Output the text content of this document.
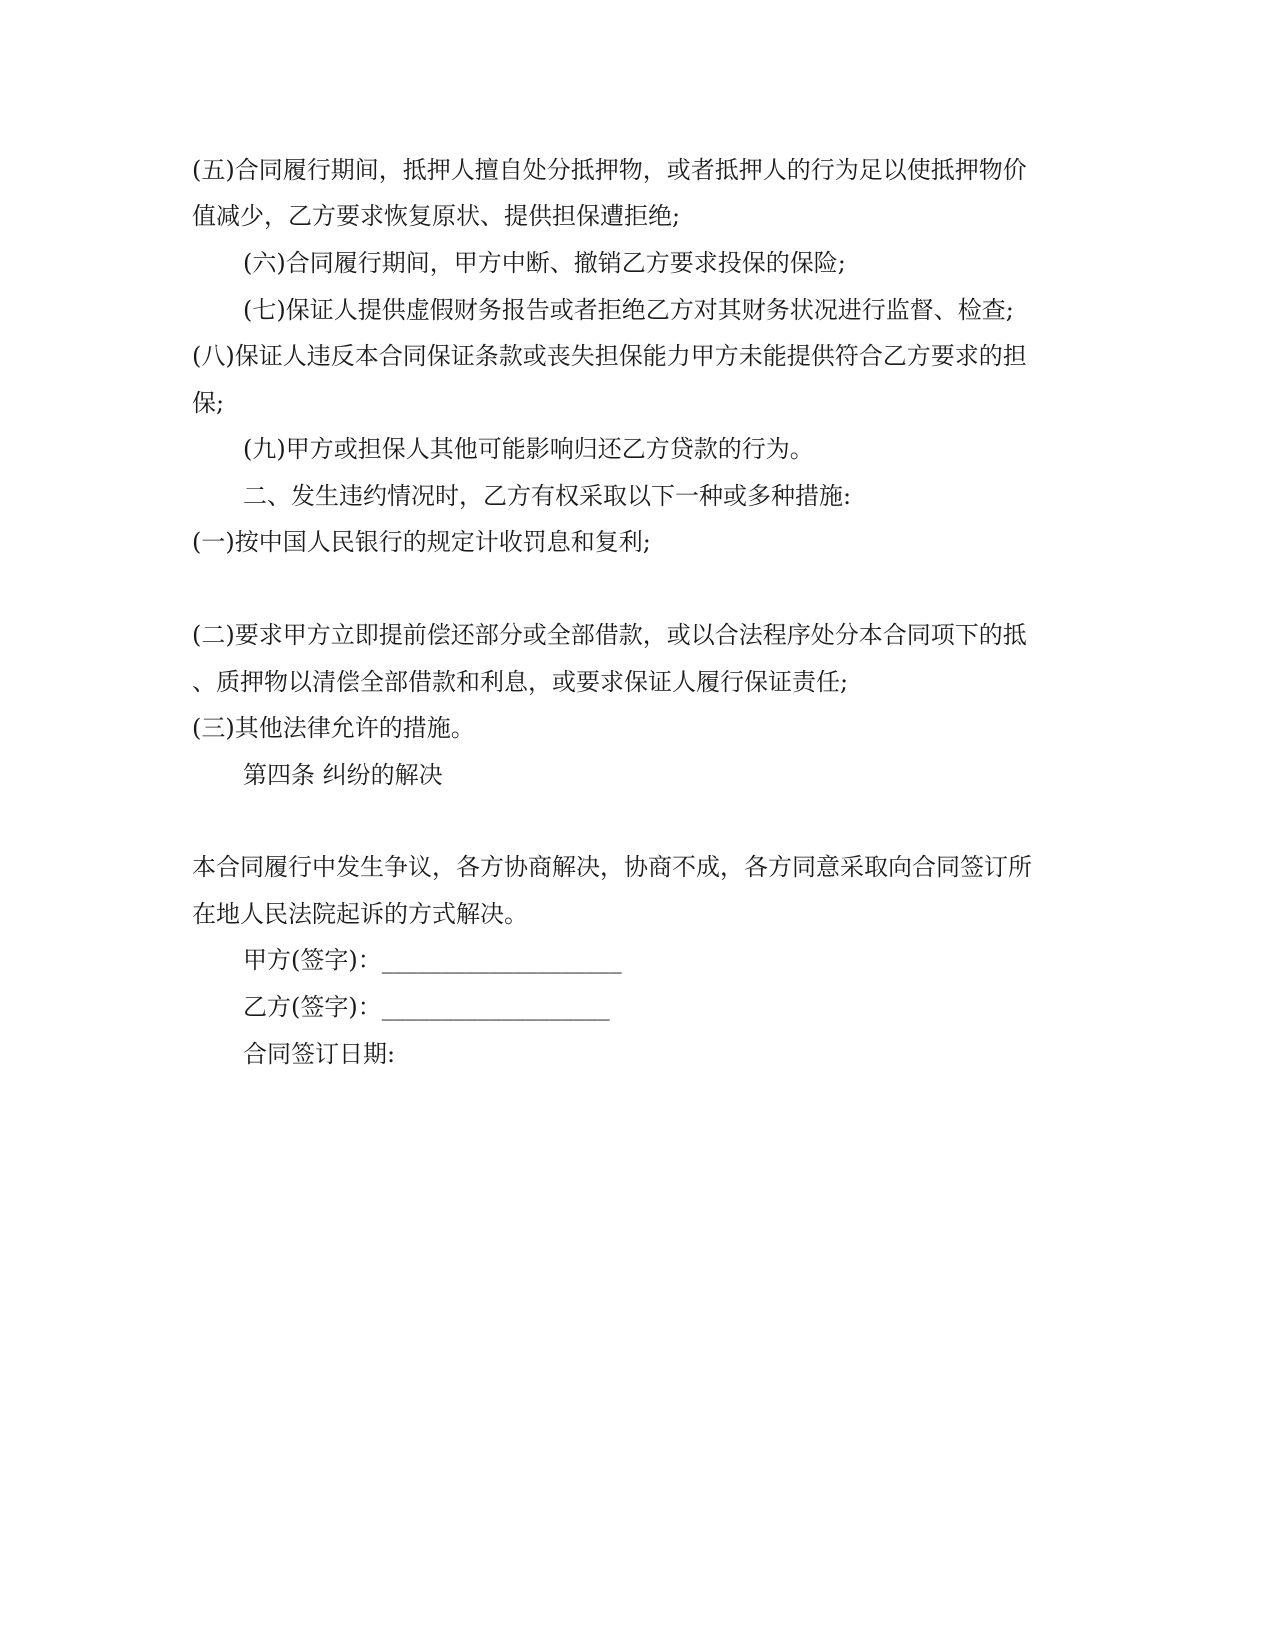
(五)合同履行期间，抵押人擅自处分抵押物，或者抵押人的行为足以使抵押物价
值减少，乙方要求恢复原状、提供担保遭拒绝;
(六)合同履行期间，甲方中断、撤销乙方要求投保的保险;
(七)保证人提供虚假财务报告或者拒绝乙方对其财务状况进行监督、检查;
(八)保证人违反本合同保证条款或丧失担保能力甲方未能提供符合乙方要求的担
保;
(九)甲方或担保人其他可能影响归还乙方贷款的行为。
二、发生违约情况时，乙方有权采取以下一种或多种措施:
(一)按中国人民银行的规定计收罚息和复利;
(二)要求甲方立即提前偿还部分或全部借款，或以合法程序处分本合同项下的抵
、质押物以清偿全部借款和利息，或要求保证人履行保证责任;
(三)其他法律允许的措施。
第四条 纠纷的解决
本合同履行中发生争议，各方协商解决，协商不成，各方同意采取向合同签订所
在地人民法院起诉的方式解决。
甲方(签字)：____________________
乙方(签字)：___________________
合同签订日期:
